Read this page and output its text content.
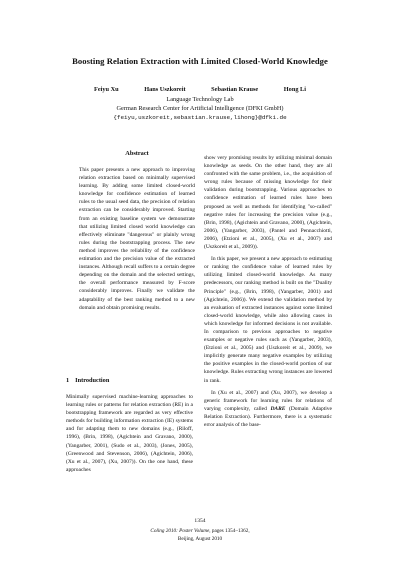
Boosting Relation Extraction with Limited Closed-World Knowledge
Feiyu Xu	Hans Uszkoreit	Sebastian Krause	Hong Li
Language Technology Lab
German Research Center for Artificial Intelligence (DFKI GmbH)
{feiyu,uszkoreit,sebastian.krause,lihong}@dfki.de
Abstract

This paper presents a new approach to improving relation extraction based on minimally supervised learning. By adding some limited closed-world knowledge for confidence estimation of learned rules to the usual seed data, the precision of relation extraction can be considerably improved. Starting from an existing baseline system we demonstrate that utilizing limited closed world knowledge can effectively eliminate "dangerous" or plainly wrong rules during the bootstrapping process. The new method improves the reliability of the confidence estimation and the precision value of the extracted instances. Although recall suffers to a certain degree depending on the domain and the selected settings, the overall performance measured by F-score considerably improves. Finally we validate the adaptability of the best ranking method to a new domain and obtain promising results.

1 Introduction

Minimally supervised machine-learning approaches to learning rules or patterns for relation extraction (RE) in a bootstrapping framework are regarded as very effective methods for building information extraction (IE) systems and for adapting them to new domains (e.g., (Riloff, 1996), (Brin, 1998), (Agichtein and Gravano, 2000), (Yangarber, 2001), (Sudo et al., 2003), (Jones, 2005), (Greenwood and Stevenson, 2006), (Agichtein, 2006), (Xu et al., 2007), (Xu, 2007)). On the one hand, these approaches

show very promising results by utilizing minimal domain knowledge as seeds. On the other hand, they are all confronted with the same problem, i.e., the acquisition of wrong rules because of missing knowledge for their validation during bootstrapping. Various approaches to confidence estimation of learned rules have been proposed as well as methods for identifying "so-called" negative rules for increasing the precision value (e.g., (Brin, 1998), (Agichtein and Gravano, 2000), (Agichtein, 2006), (Yangarber, 2003), (Pantel and Pennacchiotti, 2006), (Etzioni et al., 2005), (Xu et al., 2007) and (Uszkoreit et al., 2009)).

In this paper, we present a new approach to estimating or ranking the confidence value of learned rules by utilizing limited closed-world knowledge. As many predecessors, our ranking method is built on the "Duality Principle" (e.g., (Brin, 1998), (Yangarber, 2001) and (Agichtein, 2006)). We extend the validation method by an evaluation of extracted instances against some limited closed-world knowledge, while also allowing cases in which knowledge for informed decisions is not available. In comparison to previous approaches to negative examples or negative rules such as (Yangarber, 2003), (Etzioni et al., 2005) and (Uszkoreit et al., 2009), we implicitly generate many negative examples by utilizing the positive examples in the closed-world portion of our knowledge. Rules extracting wrong instances are lowered in rank.

In (Xu et al., 2007) and (Xu, 2007), we develop a generic framework for learning rules for relations of varying complexity, called DARE (Domain Adaptive Relation Extraction). Furthermore, there is a systematic error analysis of the base-

1354
Coling 2010: Poster Volume, pages 1354–1362,
Beijing, August 2010
